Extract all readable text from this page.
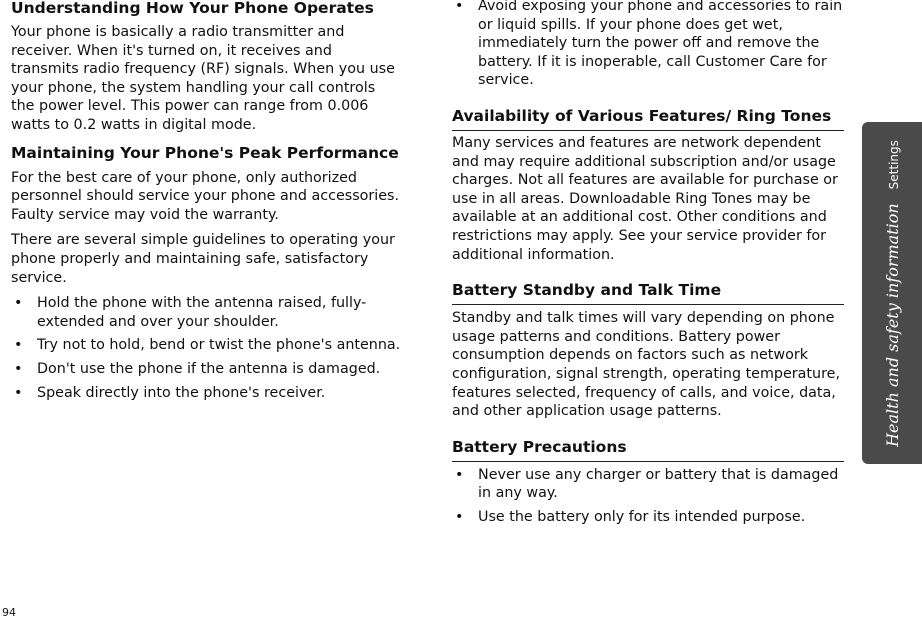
Understanding How Your Phone Operates

Your phone is basically a radio transmitter and receiver. When it's turned on, it receives and transmits radio frequency (RF) signals. When you use your phone, the system handling your call controls the power level. This power can range from 0.006 watts to 0.2 watts in digital mode.

Maintaining Your Phone's Peak Performance

For the best care of your phone, only authorized personnel should service your phone and accessories. Faulty service may void the warranty.

There are several simple guidelines to operating your phone properly and maintaining safe, satisfactory service.

• Hold the phone with the antenna raised, fully-extended and over your shoulder.
• Try not to hold, bend or twist the phone's antenna.
• Don't use the phone if the antenna is damaged.
• Speak directly into the phone's receiver.
• Avoid exposing your phone and accessories to rain or liquid spills. If your phone does get wet, immediately turn the power off and remove the battery. If it is inoperable, call Customer Care for service.
Availability of Various Features/ Ring Tones

Many services and features are network dependent and may require additional subscription and/or usage charges. Not all features are available for purchase or use in all areas. Downloadable Ring Tones may be available at an additional cost. Other conditions and restrictions may apply. See your service provider for additional information.

Battery Standby and Talk Time

Standby and talk times will vary depending on phone usage patterns and conditions. Battery power consumption depends on factors such as network configuration, signal strength, operating temperature, features selected, frequency of calls, and voice, data, and other application usage patterns.

Battery Precautions
• Never use any charger or battery that is damaged in any way.
• Use the battery only for its intended purpose.
Health and safety information
Settings
94
